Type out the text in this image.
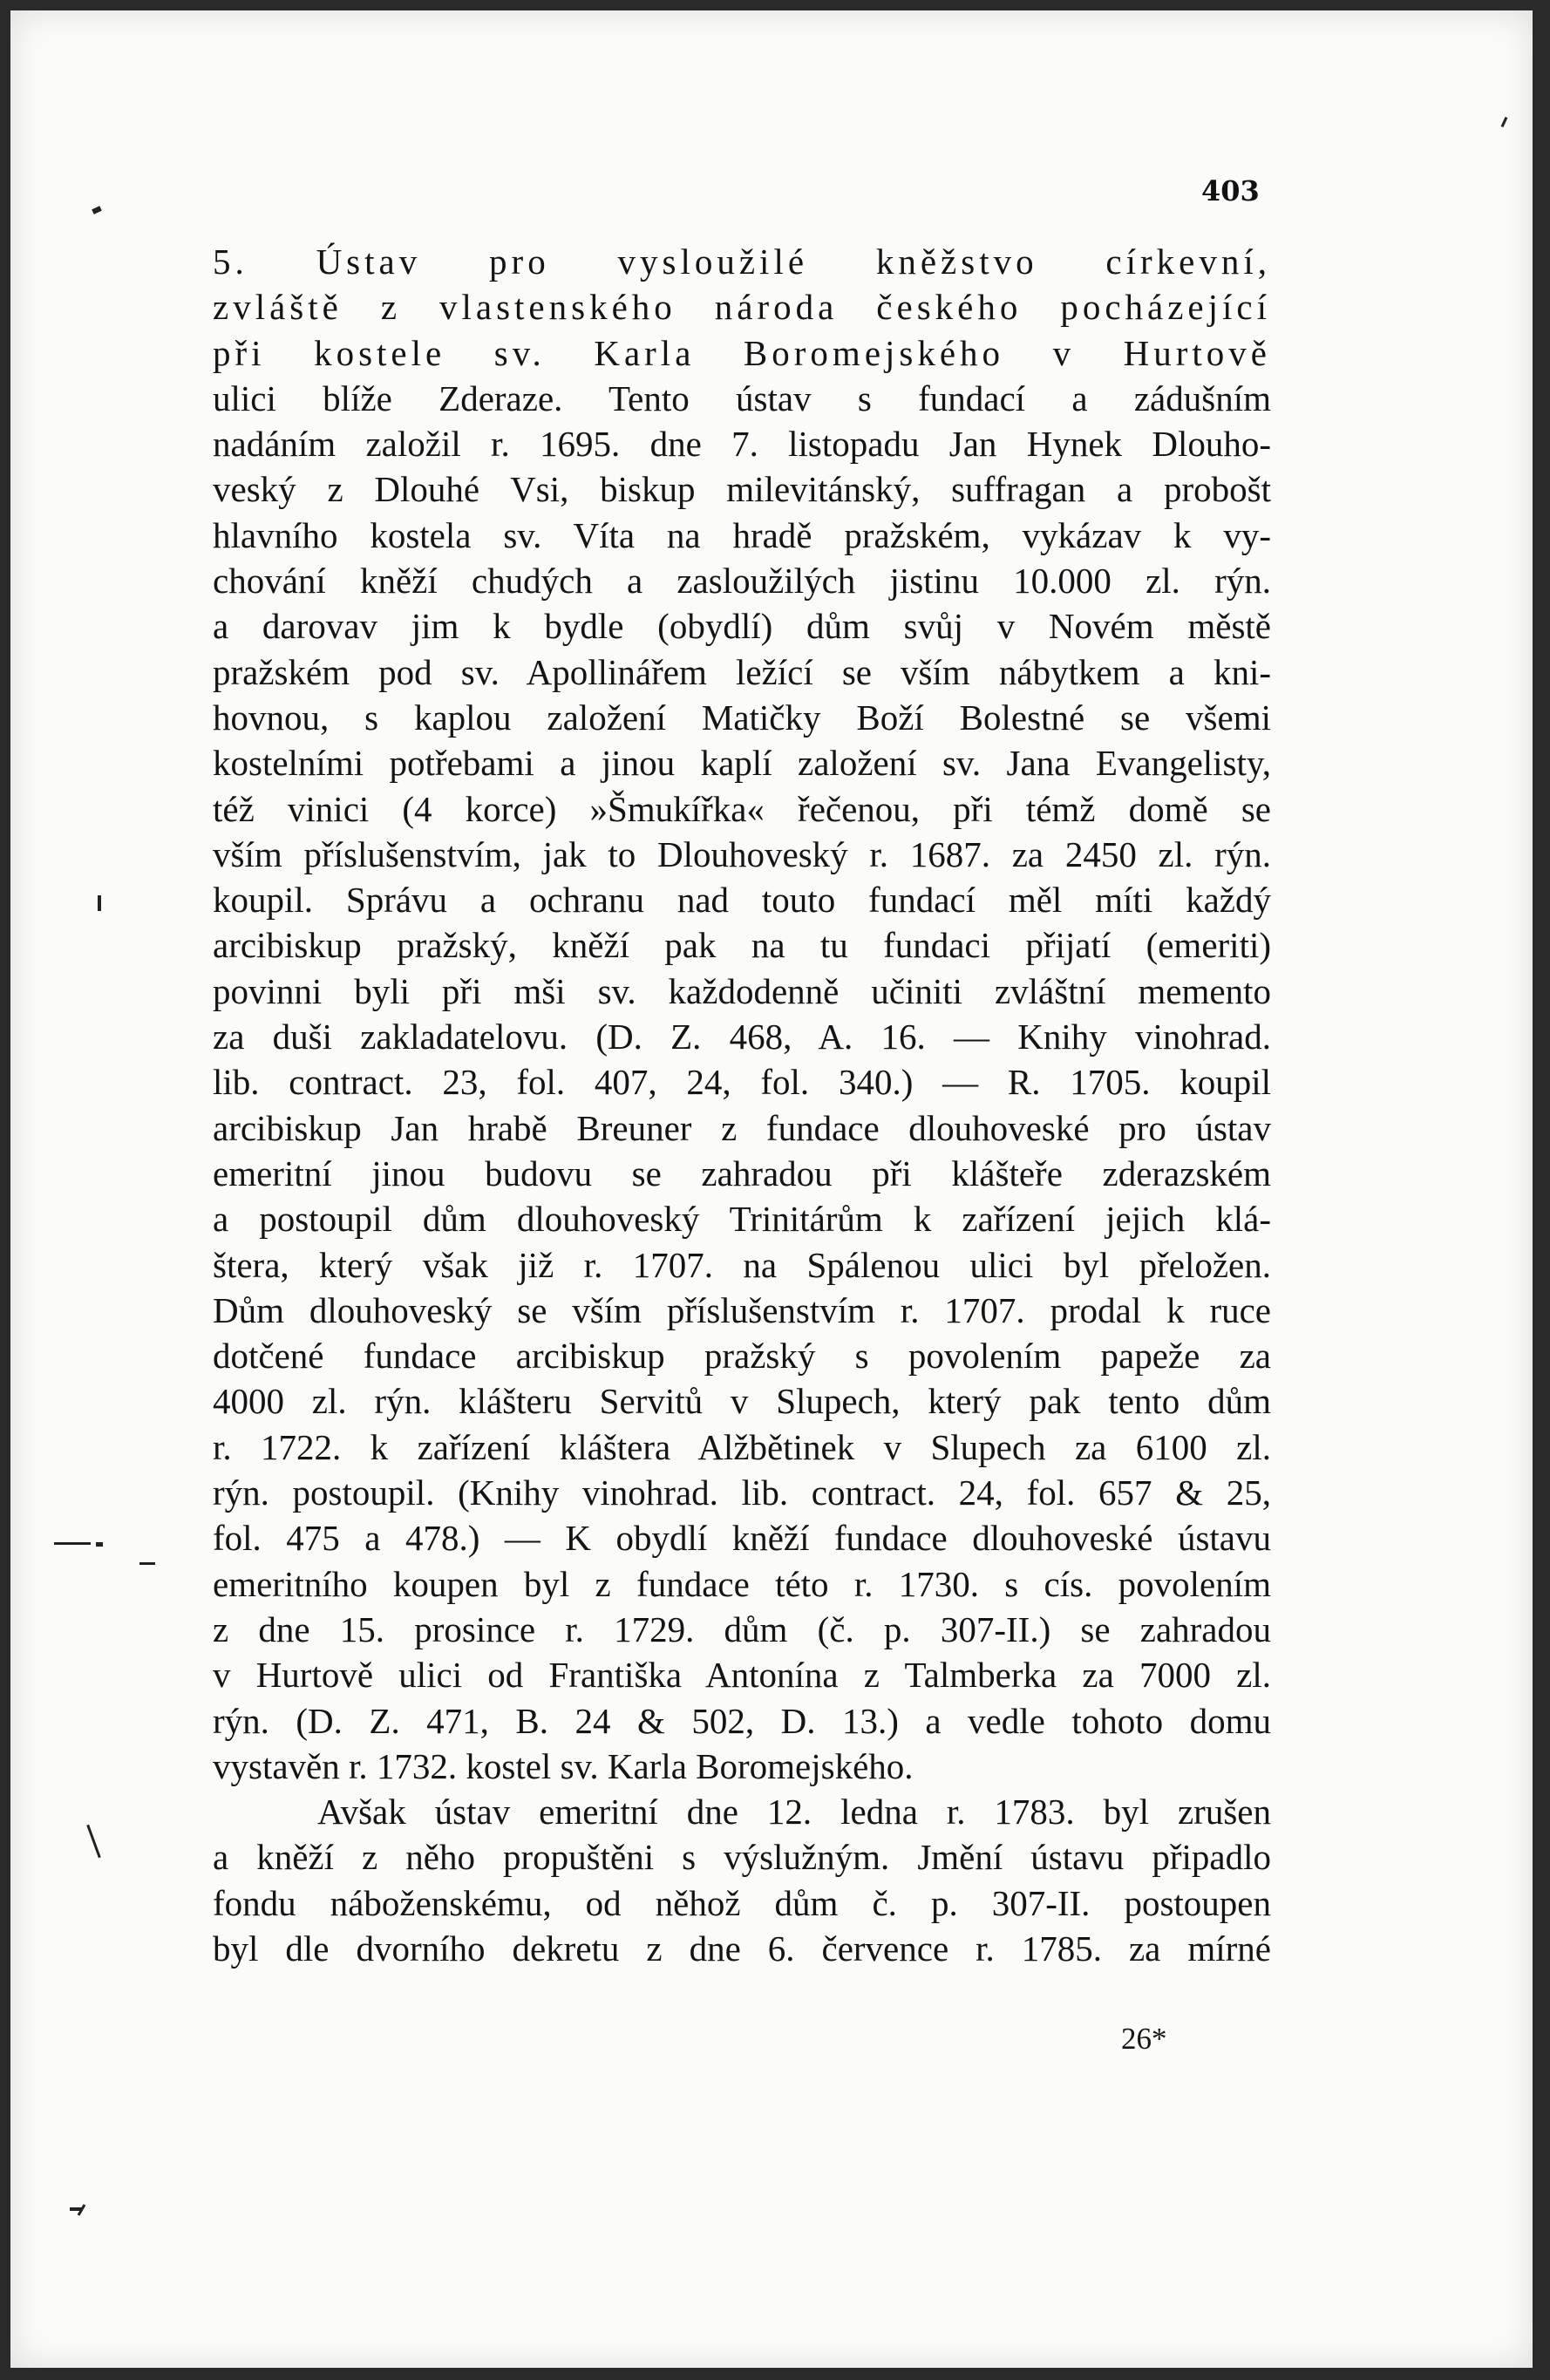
403
5. Ústav pro vysloužilé kněžstvo církevní,
zvláště z vlastenského národa českého pocházející
při kostele sv. Karla Boromejského v Hurtově
ulici blíže Zderaze. Tento ústav s fundací a zádušním
nadáním založil r. 1695. dne 7. listopadu Jan Hynek Dlouho-
veský z Dlouhé Vsi, biskup milevitánský, suffragan a probošt
hlavního kostela sv. Víta na hradě pražském, vykázav k vy-
chování kněží chudých a zasloužilých jistinu 10.000 zl. rýn.
a darovav jim k bydle (obydlí) dům svůj v Novém městě
pražském pod sv. Apollinářem ležící se vším nábytkem a kni-
hovnou, s kaplou založení Matičky Boží Bolestné se všemi
kostelními potřebami a jinou kaplí založení sv. Jana Evangelisty,
též vinici (4 korce) »Šmukířka« řečenou, při témž domě se
vším příslušenstvím, jak to Dlouhoveský r. 1687. za 2450 zl. rýn.
koupil. Správu a ochranu nad touto fundací měl míti každý
arcibiskup pražský, kněží pak na tu fundaci přijatí (emeriti)
povinni byli při mši sv. každodenně učiniti zvláštní memento
za duši zakladatelovu. (D. Z. 468, A. 16. — Knihy vinohrad.
lib. contract. 23, fol. 407, 24, fol. 340.) — R. 1705. koupil
arcibiskup Jan hrabě Breuner z fundace dlouhoveské pro ústav
emeritní jinou budovu se zahradou při klášteře zderazském
a postoupil dům dlouhoveský Trinitárům k zařízení jejich klá-
štera, který však již r. 1707. na Spálenou ulici byl přeložen.
Dům dlouhoveský se vším příslušenstvím r. 1707. prodal k ruce
dotčené fundace arcibiskup pražský s povolením papeže za
4000 zl. rýn. klášteru Servitů v Slupech, který pak tento dům
r. 1722. k zařízení kláštera Alžbětinek v Slupech za 6100 zl.
rýn. postoupil. (Knihy vinohrad. lib. contract. 24, fol. 657 & 25,
fol. 475 a 478.) — K obydlí kněží fundace dlouhoveské ústavu
emeritního koupen byl z fundace této r. 1730. s cís. povolením
z dne 15. prosince r. 1729. dům (č. p. 307-II.) se zahradou
v Hurtově ulici od Františka Antonína z Talmberka za 7000 zl.
rýn. (D. Z. 471, B. 24 & 502, D. 13.) a vedle tohoto domu
vystavěn r. 1732. kostel sv. Karla Boromejského.
Avšak ústav emeritní dne 12. ledna r. 1783. byl zrušen
a kněží z něho propuštěni s výslužným. Jmění ústavu připadlo
fondu náboženskému, od něhož dům č. p. 307-II. postoupen
byl dle dvorního dekretu z dne 6. července r. 1785. za mírné
26*
